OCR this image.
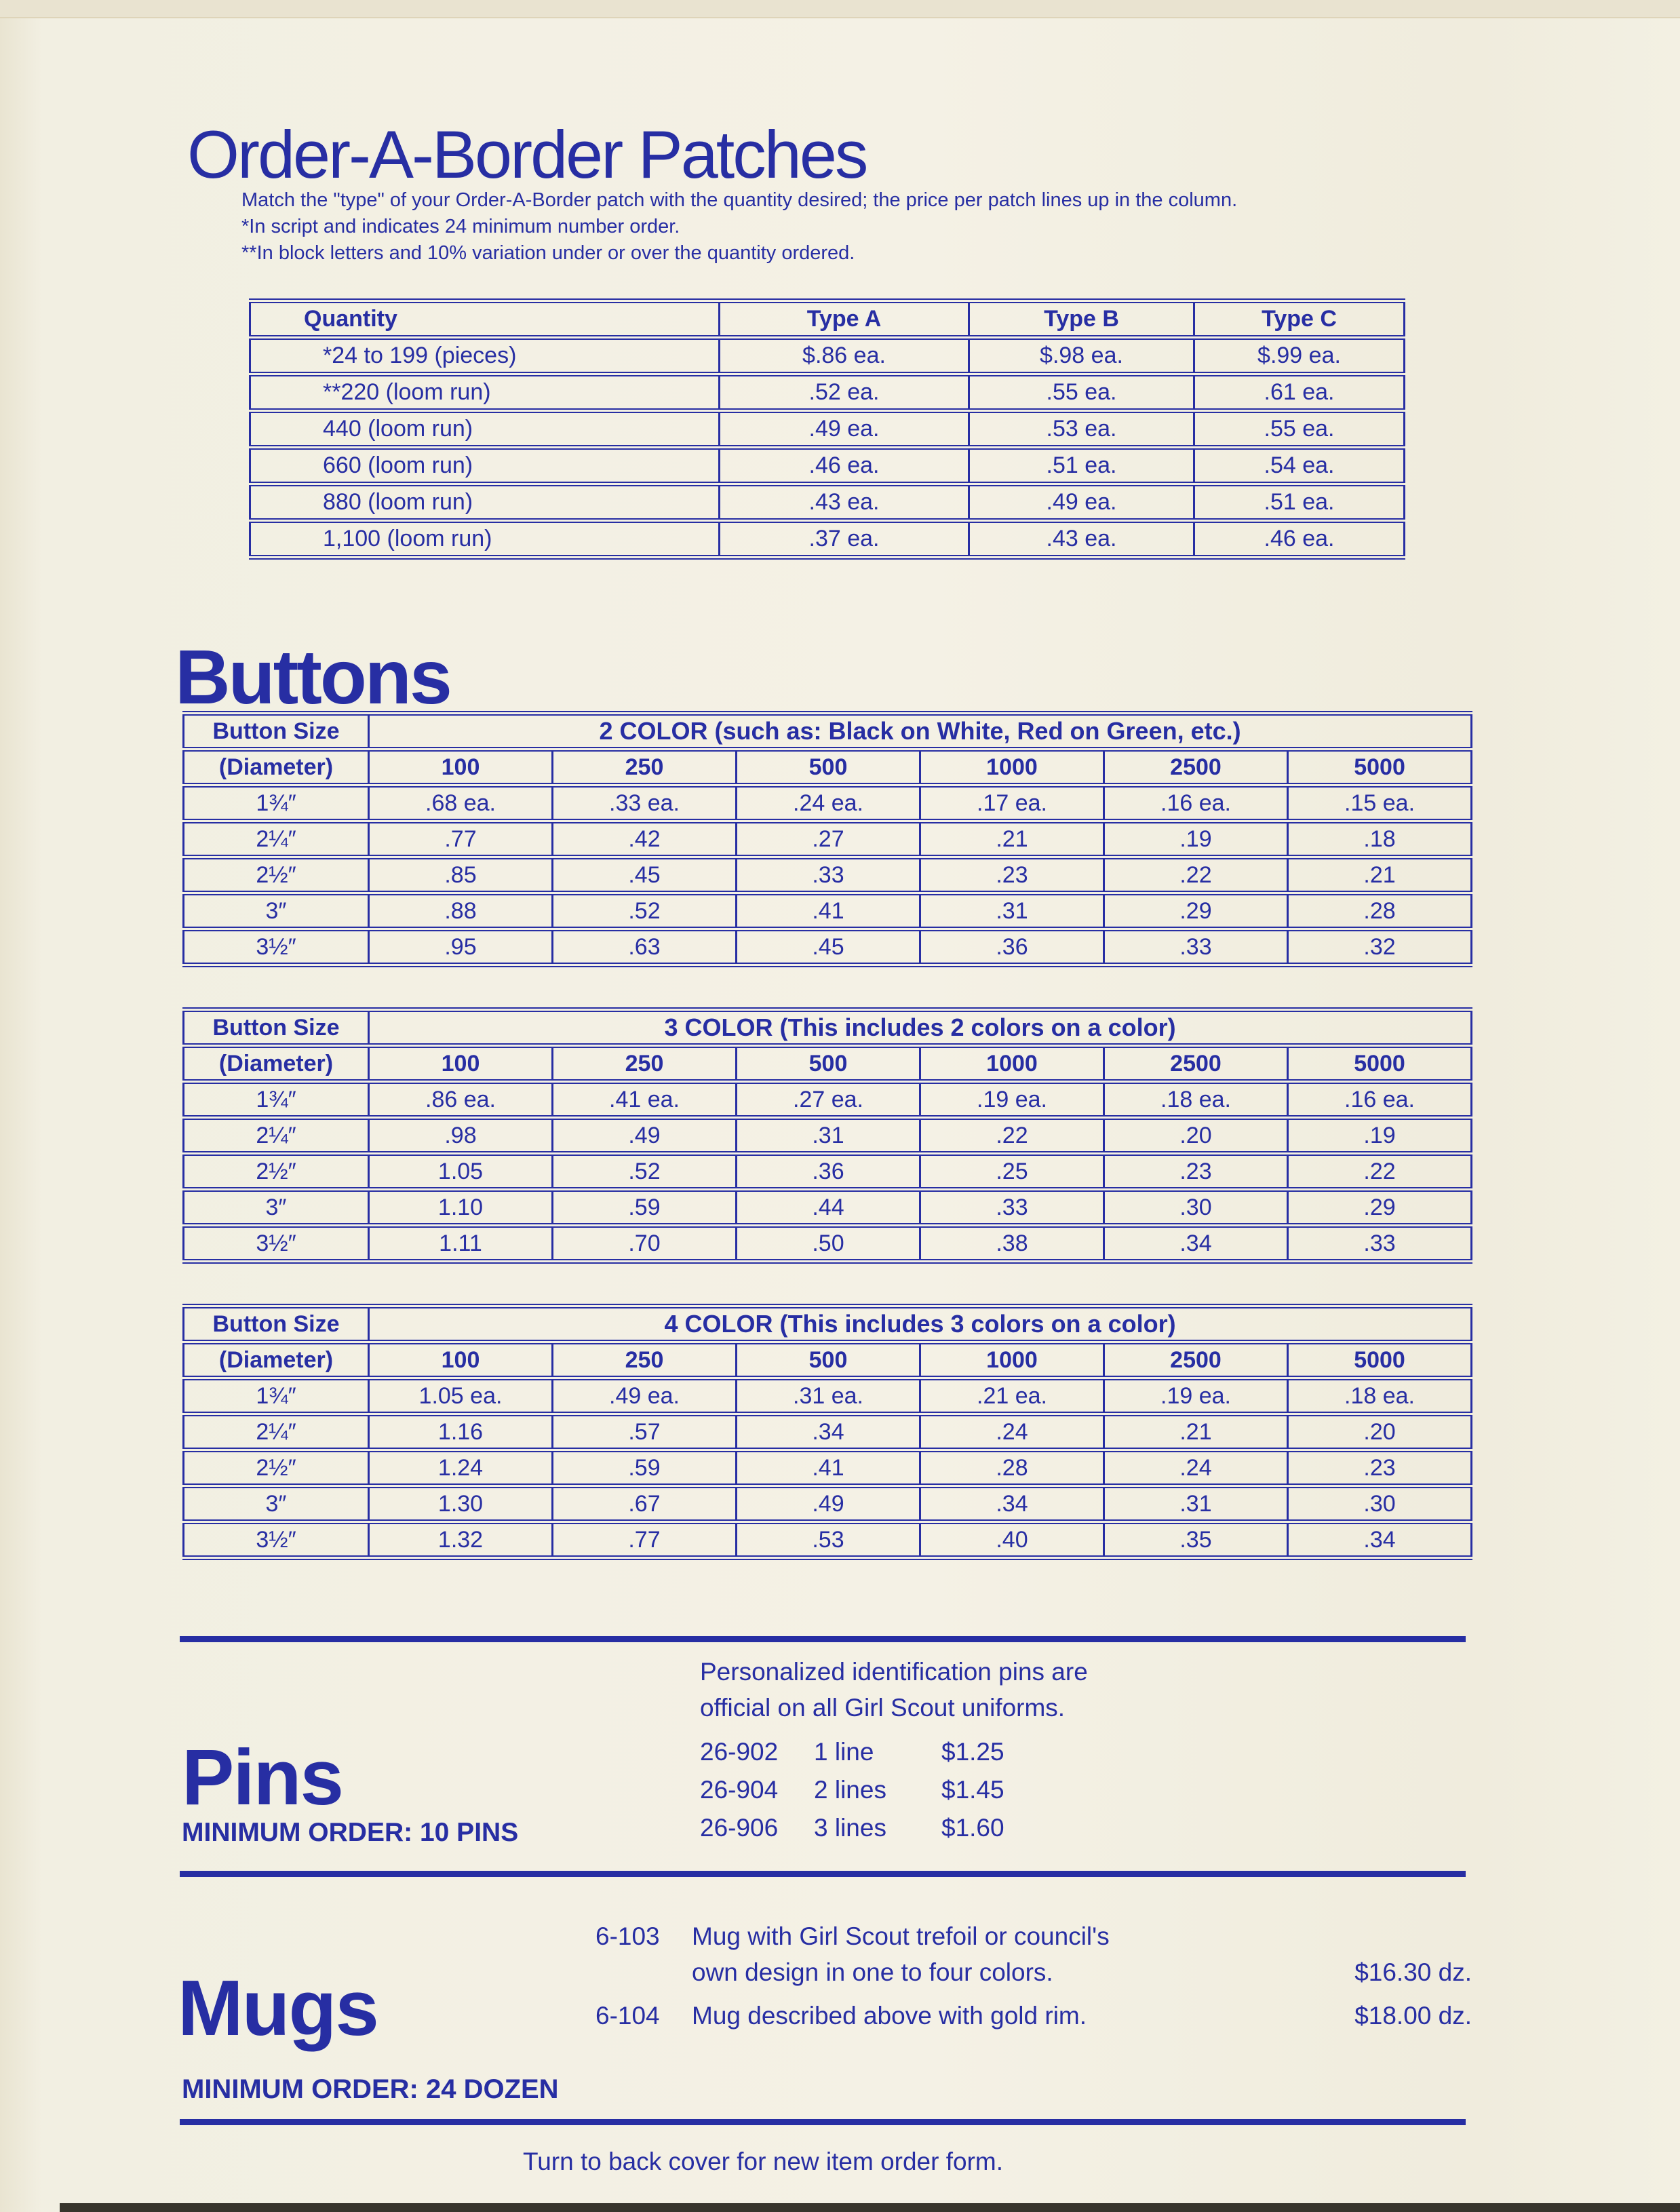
Order-A-Border Patches
Match the "type" of your Order-A-Border patch with the quantity desired; the price per patch lines up in the column.
*In script and indicates 24 minimum number order.
**In block letters and 10% variation under or over the quantity ordered.
Quantity	Type A	Type B	Type C
*24 to 199 (pieces)	$.86 ea.	$.98 ea.	$.99 ea.
**220 (loom run)	.52 ea.	.55 ea.	.61 ea.
440 (loom run)	.49 ea.	.53 ea.	.55 ea.
660 (loom run)	.46 ea.	.51 ea.	.54 ea.
880 (loom run)	.43 ea.	.49 ea.	.51 ea.
1,100 (loom run)	.37 ea.	.43 ea.	.46 ea.
Buttons
Button Size	2 COLOR (such as: Black on White, Red on Green, etc.)					
(Diameter)	100	250	500	1000	2500	5000
1¾″	.68 ea.	.33 ea.	.24 ea.	.17 ea.	.16 ea.	.15 ea.
2¼″	.77	.42	.27	.21	.19	.18
2½″	.85	.45	.33	.23	.22	.21
3″	.88	.52	.41	.31	.29	.28
3½″	.95	.63	.45	.36	.33	.32
Button Size	3 COLOR (This includes 2 colors on a color)					
(Diameter)	100	250	500	1000	2500	5000
1¾″	.86 ea.	.41 ea.	.27 ea.	.19 ea.	.18 ea.	.16 ea.
2¼″	.98	.49	.31	.22	.20	.19
2½″	1.05	.52	.36	.25	.23	.22
3″	1.10	.59	.44	.33	.30	.29
3½″	1.11	.70	.50	.38	.34	.33
Button Size	4 COLOR (This includes 3 colors on a color)					
(Diameter)	100	250	500	1000	2500	5000
1¾″	1.05 ea.	.49 ea.	.31 ea.	.21 ea.	.19 ea.	.18 ea.
2¼″	1.16	.57	.34	.24	.21	.20
2½″	1.24	.59	.41	.28	.24	.23
3″	1.30	.67	.49	.34	.31	.30
3½″	1.32	.77	.53	.40	.35	.34
Pins
Personalized identification pins are
official on all Girl Scout uniforms.
26-902	1 line	$1.25
26-904	2 lines	$1.45
26-906	3 lines	$1.60
MINIMUM ORDER: 10 PINS
Mugs
6-103	Mug with Girl Scout trefoil or council's
own design in one to four colors.	$16.30 dz.
6-104	Mug described above with gold rim.	$18.00 dz.
MINIMUM ORDER: 24 DOZEN
Turn to back cover for new item order form.
